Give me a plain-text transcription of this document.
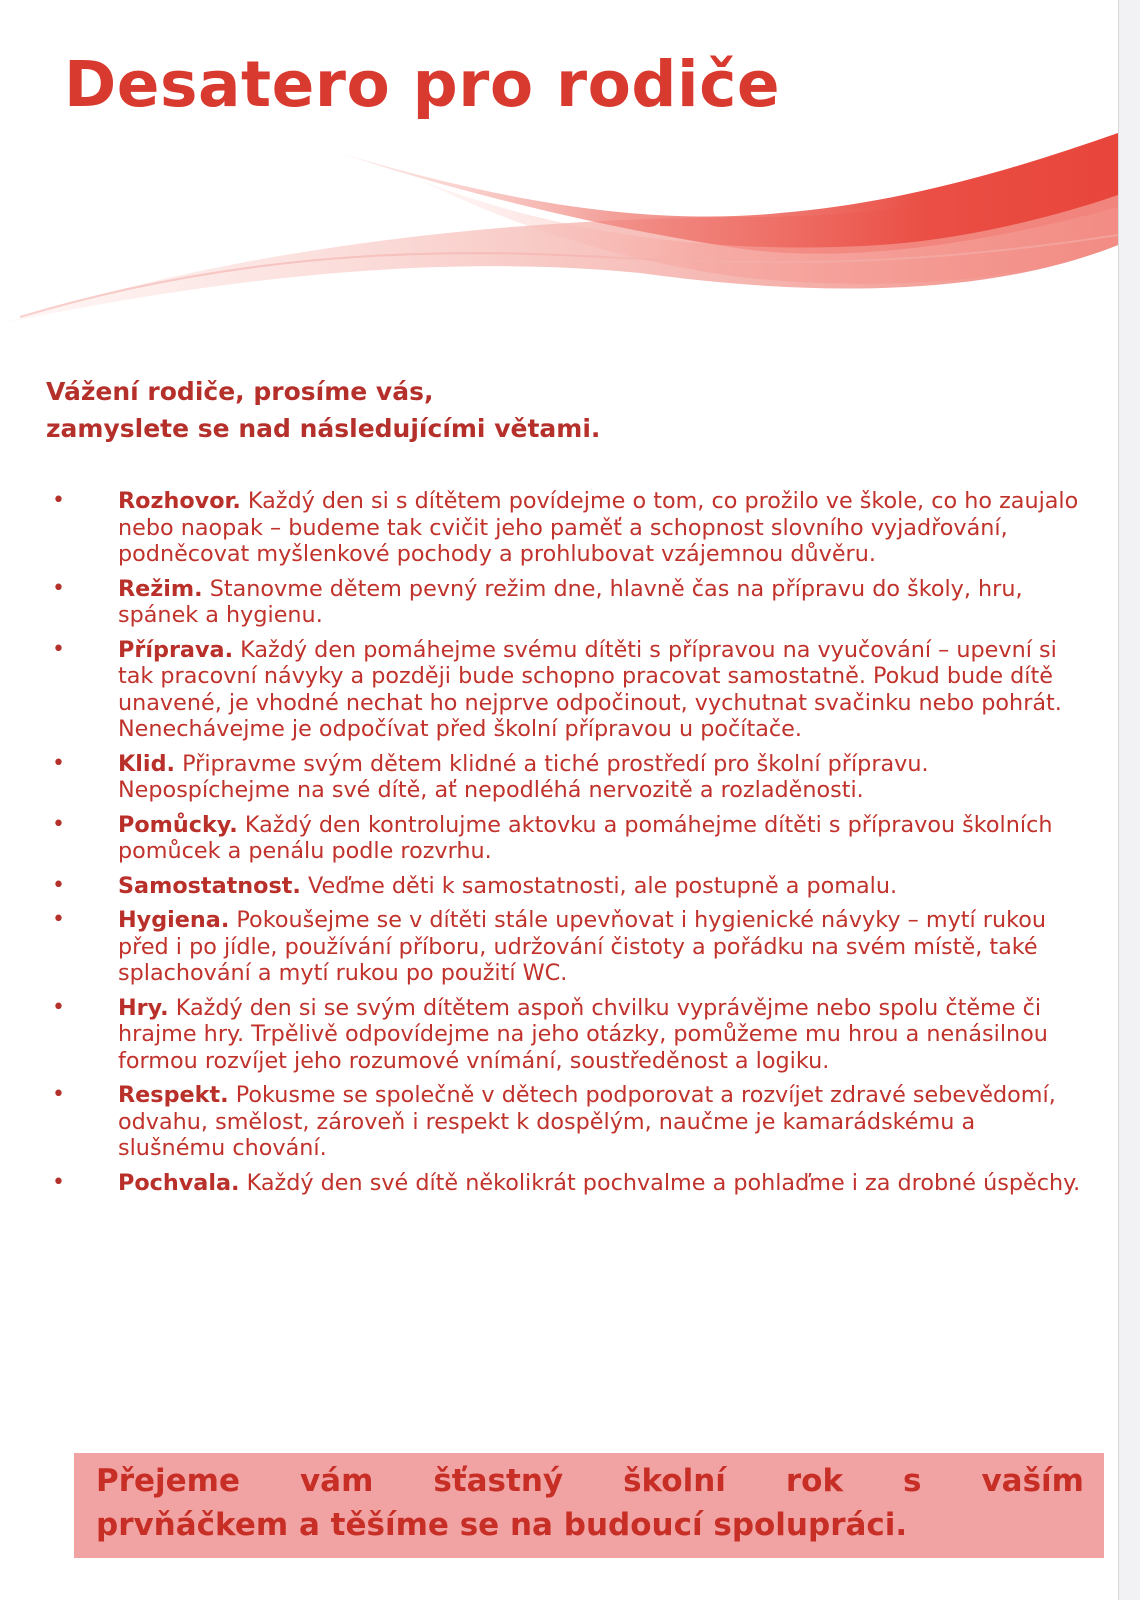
Desatero pro rodiče
Vážení rodiče, prosíme vás,
zamyslete se nad následujícími větami.
• Rozhovor. Každý den si s dítětem povídejme o tom, co prožilo ve škole, co ho zaujalo nebo naopak – budeme tak cvičit jeho paměť a schopnost slovního vyjadřování, podněcovat myšlenkové pochody a prohlubovat vzájemnou důvěru.
• Režim. Stanovme dětem pevný režim dne, hlavně čas na přípravu do školy, hru, spánek a hygienu.
• Příprava. Každý den pomáhejme svému dítěti s přípravou na vyučování – upevní si tak pracovní návyky a později bude schopno pracovat samostatně. Pokud bude dítě unavené, je vhodné nechat ho nejprve odpočinout, vychutnat svačinku nebo pohrát. Nenechávejme je odpočívat před školní přípravou u počítače.
• Klid. Připravme svým dětem klidné a tiché prostředí pro školní přípravu. Nepospíchejme na své dítě, ať nepodléhá nervozitě a rozladěnosti.
• Pomůcky. Každý den kontrolujme aktovku a pomáhejme dítěti s přípravou školních pomůcek a penálu podle rozvrhu.
• Samostatnost. Veďme děti k samostatnosti, ale postupně a pomalu.
• Hygiena. Pokoušejme se v dítěti stále upevňovat i hygienické návyky – mytí rukou před i po jídle, používání příboru, udržování čistoty a pořádku na svém místě, také splachování a mytí rukou po použití WC.
• Hry. Každý den si se svým dítětem aspoň chvilku vyprávějme nebo spolu čtěme či hrajme hry. Trpělivě odpovídejme na jeho otázky, pomůžeme mu hrou a nenásilnou formou rozvíjet jeho rozumové vnímání, soustředěnost a logiku.
• Respekt. Pokusme se společně v dětech podporovat a rozvíjet zdravé sebevědomí, odvahu, smělost, zároveň i respekt k dospělým, naučme je kamarádskému a slušnému chování.
• Pochvala. Každý den své dítě několikrát pochvalme a pohlaďme i za drobné úspěchy.
Přejeme vám šťastný školní rok s vaším
prvňáčkem a těšíme se na budoucí spolupráci.
